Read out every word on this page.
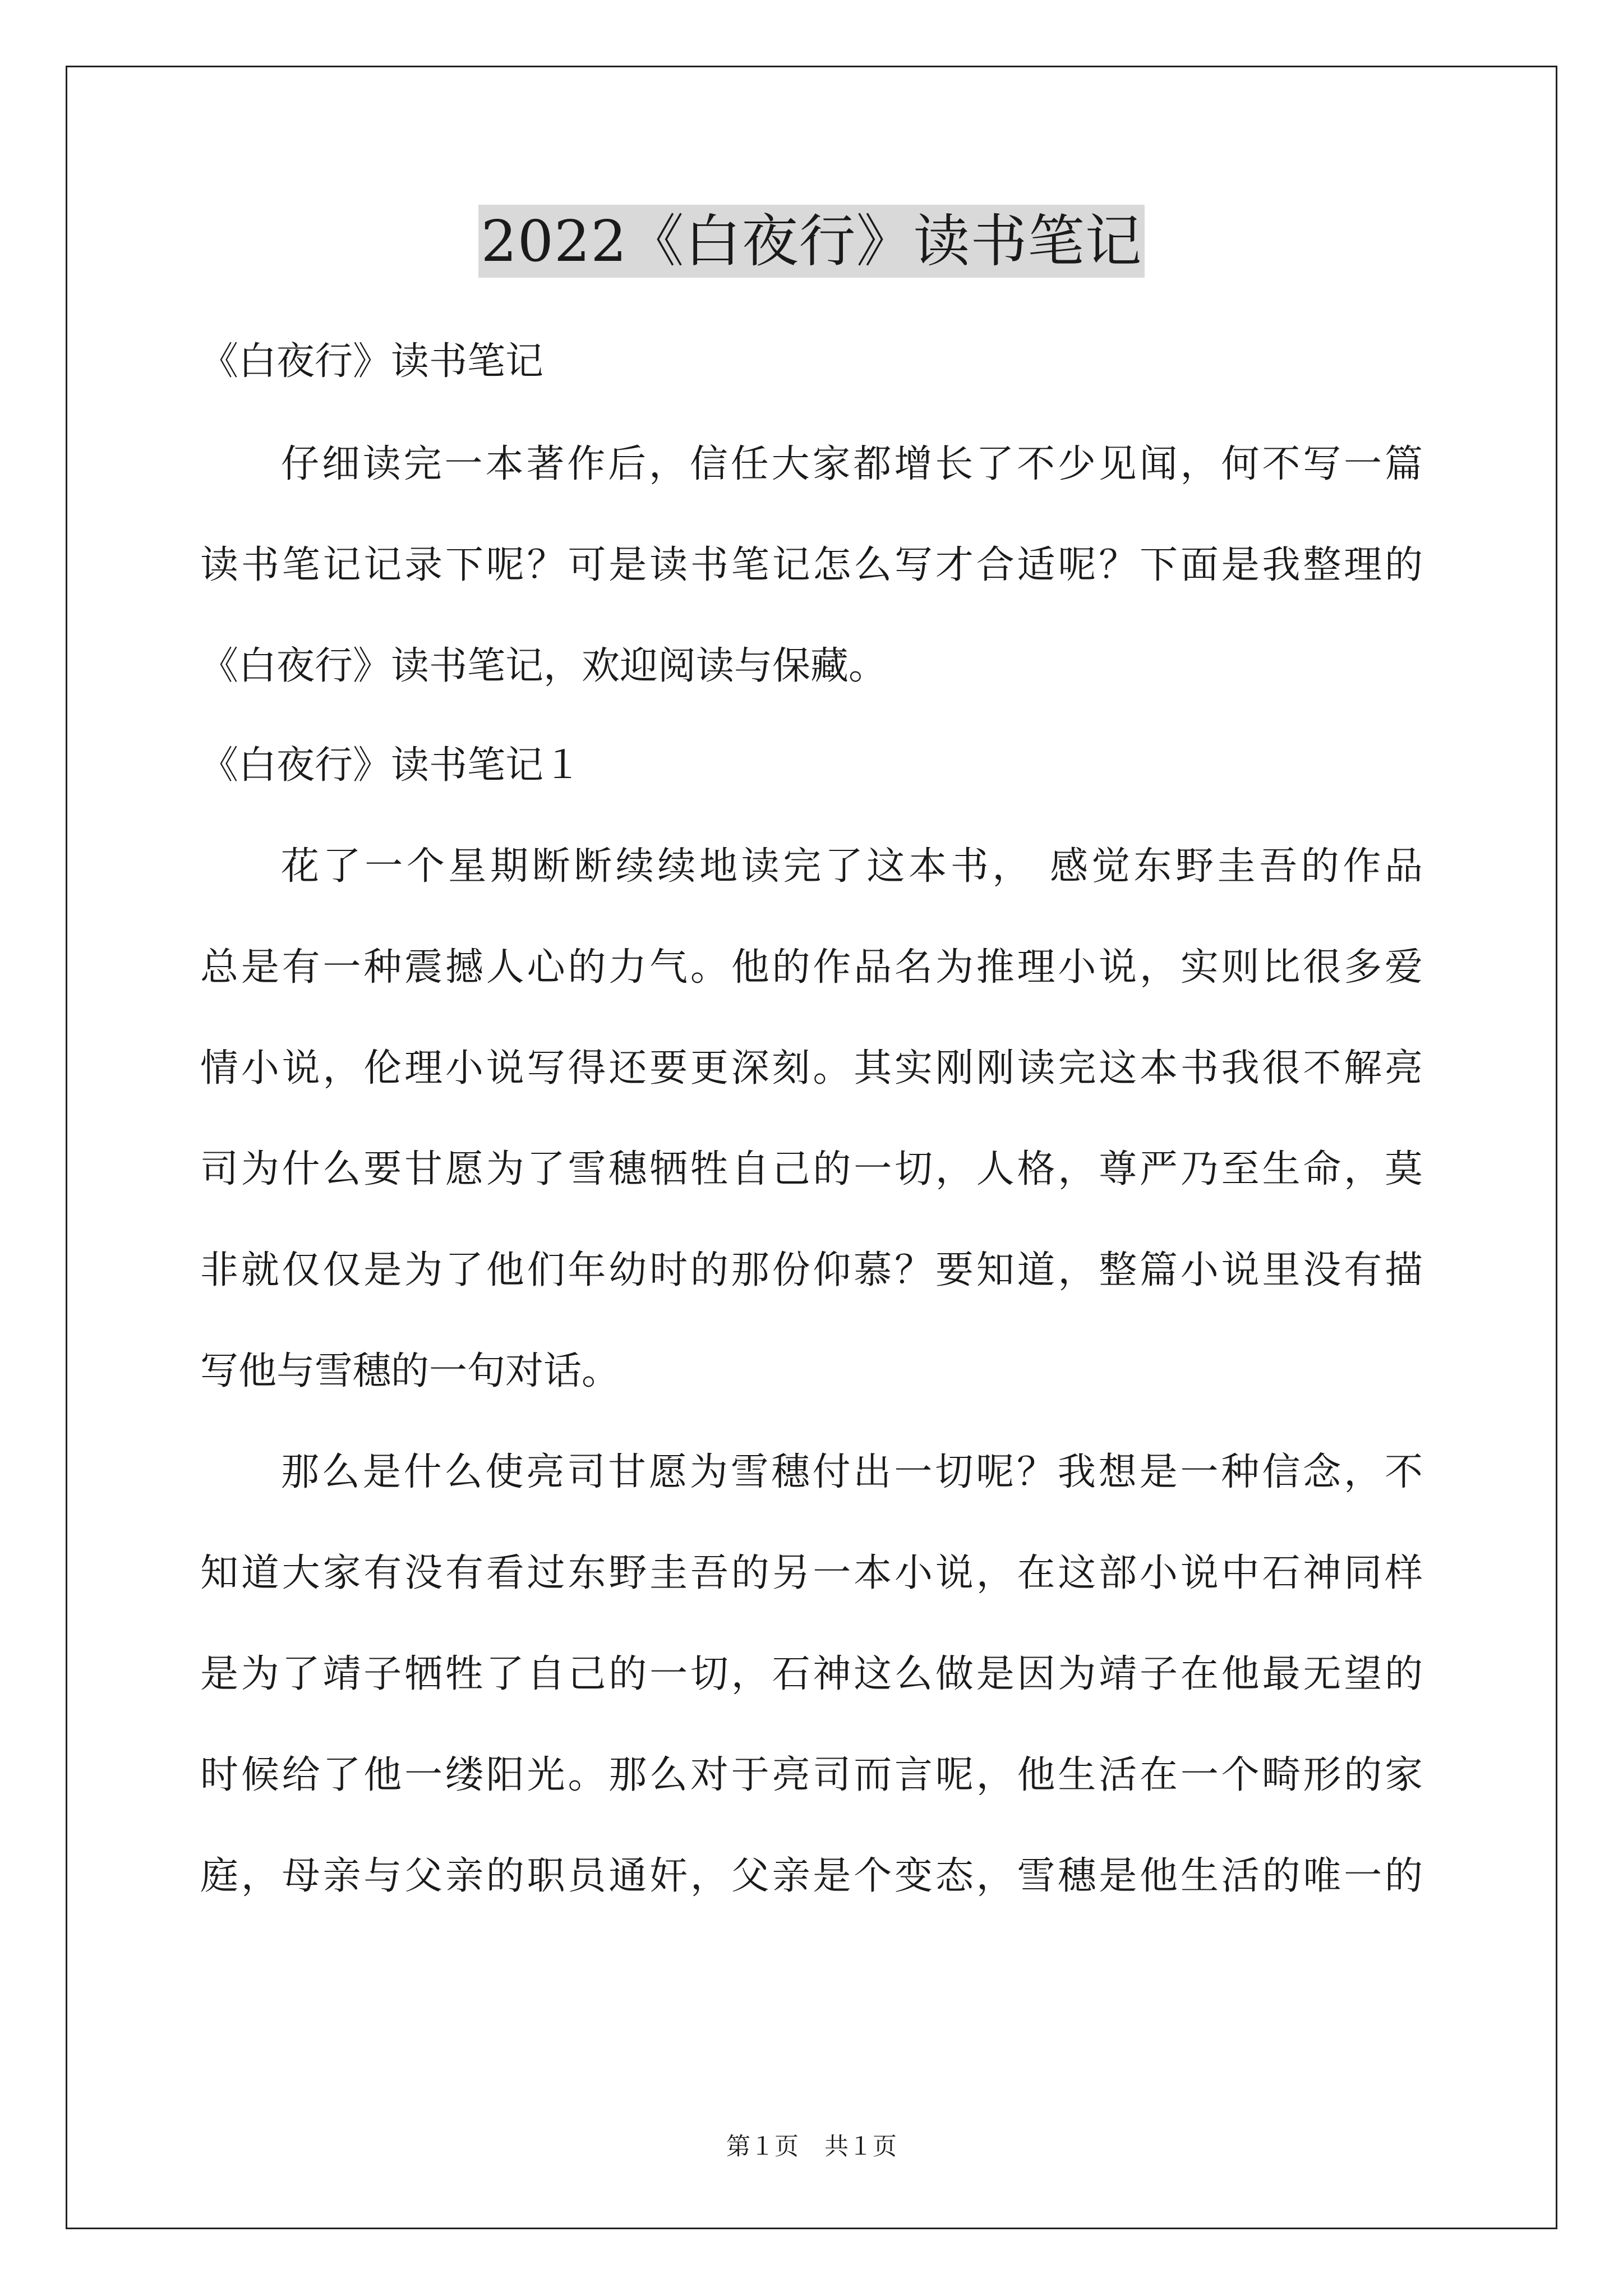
2022《白夜行》读书笔记
《白夜行》读书笔记
仔细读完一本著作后，信任大家都增长了不少见闻，何不写一篇
读书笔记记录下呢？可是读书笔记怎么写才合适呢？下面是我整理的
《白夜行》读书笔记，欢迎阅读与保藏。
《白夜行》读书笔记１
花了一个星期断断续续地读完了这本书， 感觉东野圭吾的作品
总是有一种震撼人心的力气。他的作品名为推理小说，实则比很多爱
情小说，伦理小说写得还要更深刻。其实刚刚读完这本书我很不解亮
司为什么要甘愿为了雪穗牺牲自己的一切，人格，尊严乃至生命，莫
非就仅仅是为了他们年幼时的那份仰慕？要知道，整篇小说里没有描
写他与雪穗的一句对话。
那么是什么使亮司甘愿为雪穗付出一切呢？我想是一种信念，不
知道大家有没有看过东野圭吾的另一本小说，在这部小说中石神同样
是为了靖子牺牲了自己的一切，石神这么做是因为靖子在他最无望的
时候给了他一缕阳光。那么对于亮司而言呢，他生活在一个畸形的家
庭，母亲与父亲的职员通奸，父亲是个变态，雪穗是他生活的唯一的
第１页 共１页
